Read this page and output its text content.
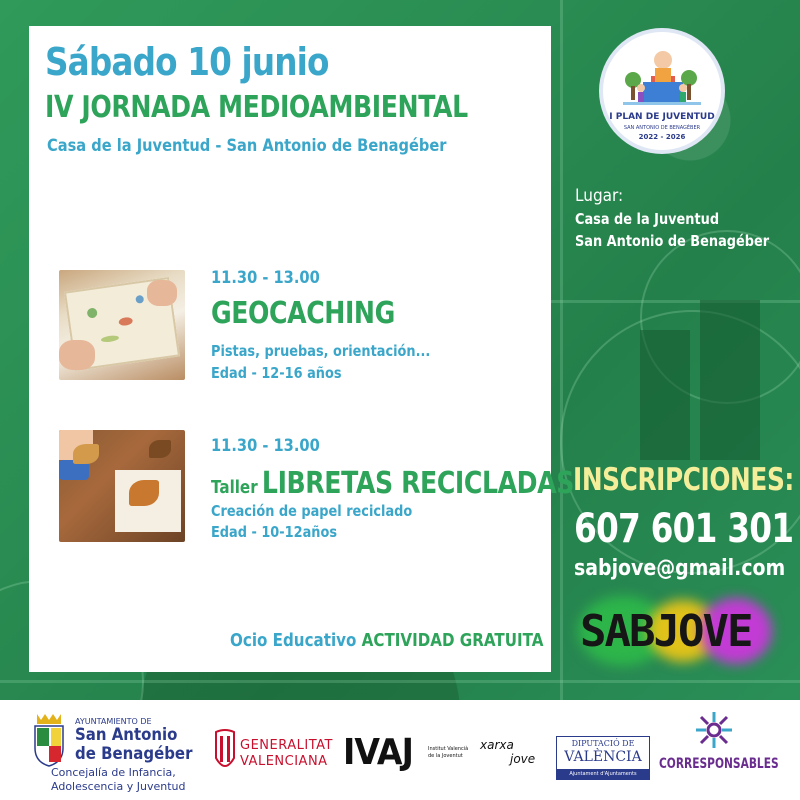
Sábado 10 junio
IV JORNADA MEDIOAMBIENTAL
Casa de la Juventud - San Antonio de Benagéber
11.30 - 13.00
GEOCACHING
Pistas, pruebas, orientación...
Edad - 12-16 años
11.30 - 13.00
Taller LIBRETAS RECICLADAS
Creación de papel reciclado
Edad - 10-12años
Ocio Educativo ACTIVIDAD GRATUITA
I PLAN DE JUVENTUD
SAN ANTONIO DE BENAGÉBER
2022 - 2026
Lugar:
Casa de la Juventud
San Antonio de Benagéber
INSCRIPCIONES:
607 601 301
sabjove@gmail.com
SABJOVE
AYUNTAMIENTO DE
San Antonio
de Benagéber
Concejalía de Infancia,
Adolescencia y Juventud
GENERALITAT
VALENCIANA IVAJ	Institut Valencià
de la Joventut
xarxa
jove
DIPUTACIÓ DE
VALÈNCIA
Ajuntament d'Ajuntaments
CORRESPONSABLES
